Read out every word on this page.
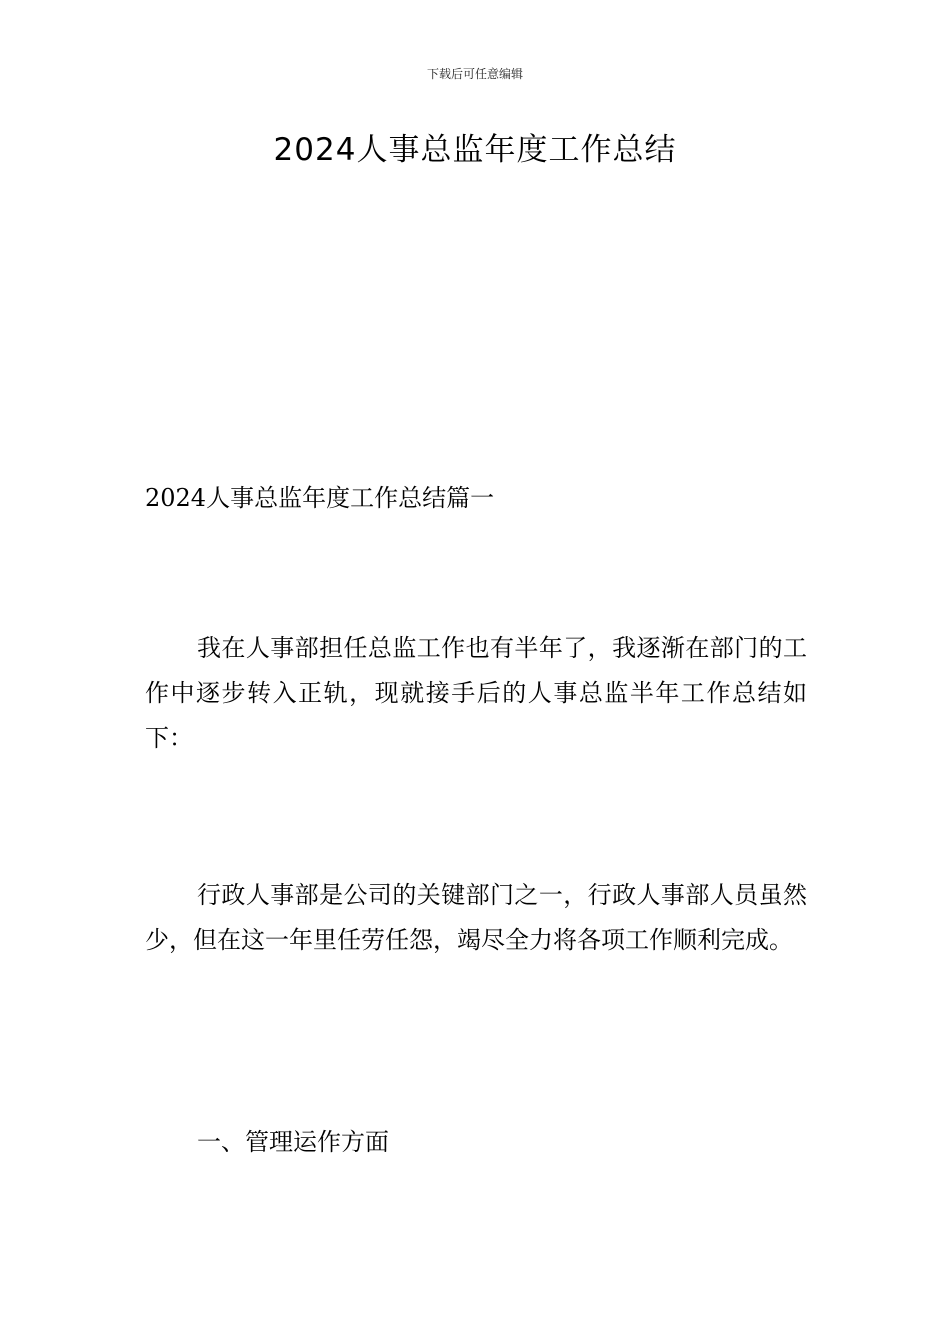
下载后可任意编辑
2024人事总监年度工作总结
2024人事总监年度工作总结篇一

我在人事部担任总监工作也有半年了，我逐渐在部门的工作中逐步转入正轨，现就接手后的人事总监半年工作总结如下：

行政人事部是公司的关键部门之一，行政人事部人员虽然少，但在这一年里任劳任怨，竭尽全力将各项工作顺利完成。

一、管理运作方面
